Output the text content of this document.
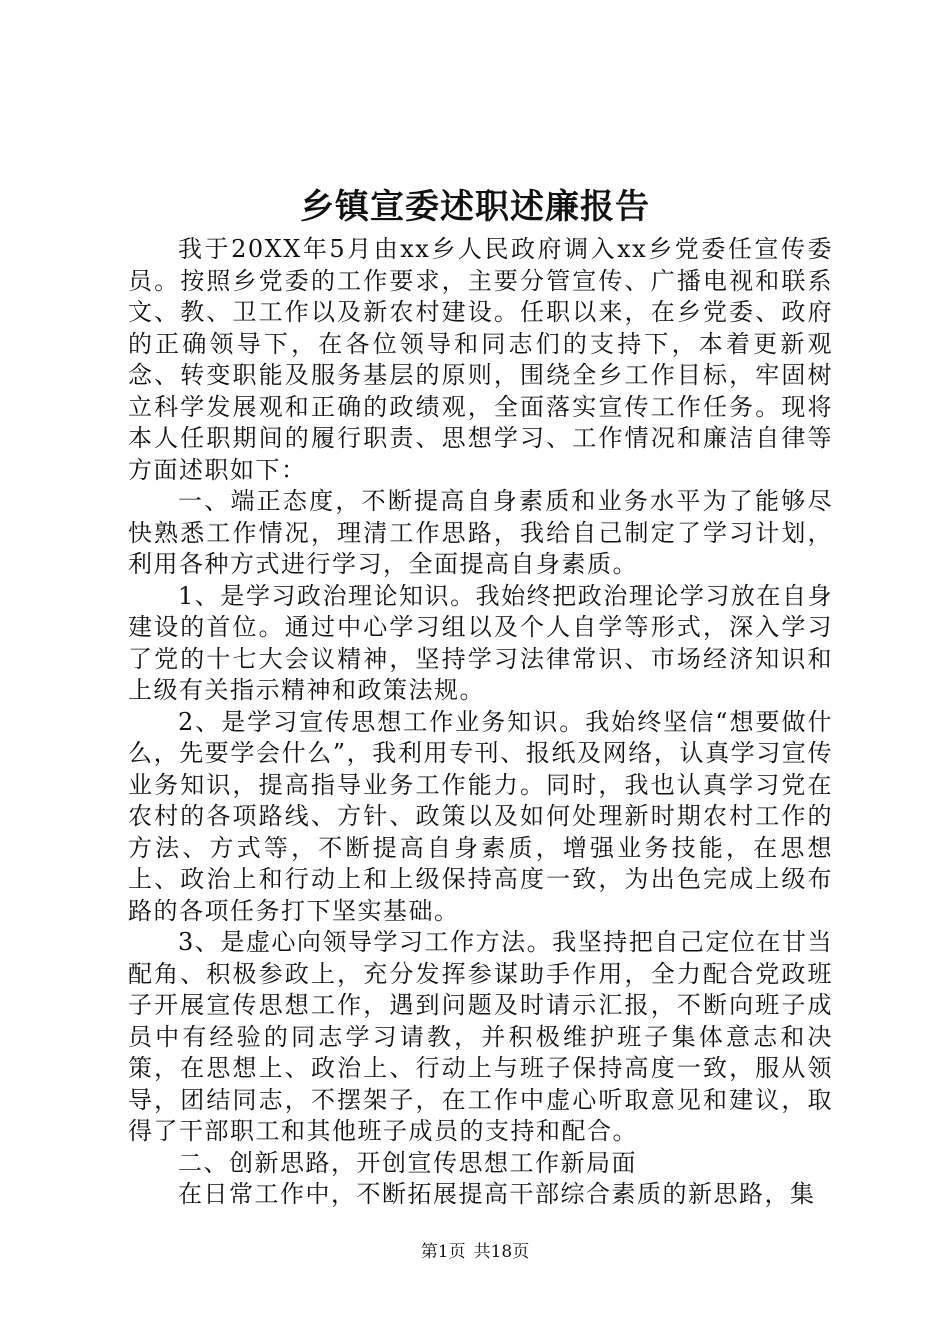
乡镇宣委述职述廉报告

我于20XX年5月由xx乡人民政府调入xx乡党委任宣传委员。按照乡党委的工作要求，主要分管宣传、广播电视和联系文、教、卫工作以及新农村建设。任职以来，在乡党委、政府的正确领导下，在各位领导和同志们的支持下，本着更新观念、转变职能及服务基层的原则，围绕全乡工作目标，牢固树立科学发展观和正确的政绩观，全面落实宣传工作任务。现将本人任职期间的履行职责、思想学习、工作情况和廉洁自律等方面述职如下：

一、端正态度，不断提高自身素质和业务水平为了能够尽快熟悉工作情况，理清工作思路，我给自己制定了学习计划，利用各种方式进行学习，全面提高自身素质。

1、是学习政治理论知识。我始终把政治理论学习放在自身建设的首位。通过中心学习组以及个人自学等形式，深入学习了党的十七大会议精神，坚持学习法律常识、市场经济知识和上级有关指示精神和政策法规。

2、是学习宣传思想工作业务知识。我始终坚信“想要做什么，先要学会什么”，我利用专刊、报纸及网络，认真学习宣传业务知识，提高指导业务工作能力。同时，我也认真学习党在农村的各项路线、方针、政策以及如何处理新时期农村工作的方法、方式等，不断提高自身素质，增强业务技能，在思想上、政治上和行动上和上级保持高度一致，为出色完成上级布路的各项任务打下坚实基础。

3、是虚心向领导学习工作方法。我坚持把自己定位在甘当配角、积极参政上，充分发挥参谋助手作用，全力配合党政班子开展宣传思想工作，遇到问题及时请示汇报，不断向班子成员中有经验的同志学习请教，并积极维护班子集体意志和决策，在思想上、政治上、行动上与班子保持高度一致，服从领导，团结同志，不摆架子，在工作中虚心听取意见和建议，取得了干部职工和其他班子成员的支持和配合。

二、创新思路，开创宣传思想工作新局面

在日常工作中，不断拓展提高干部综合素质的新思路，集

第1页 共18页
